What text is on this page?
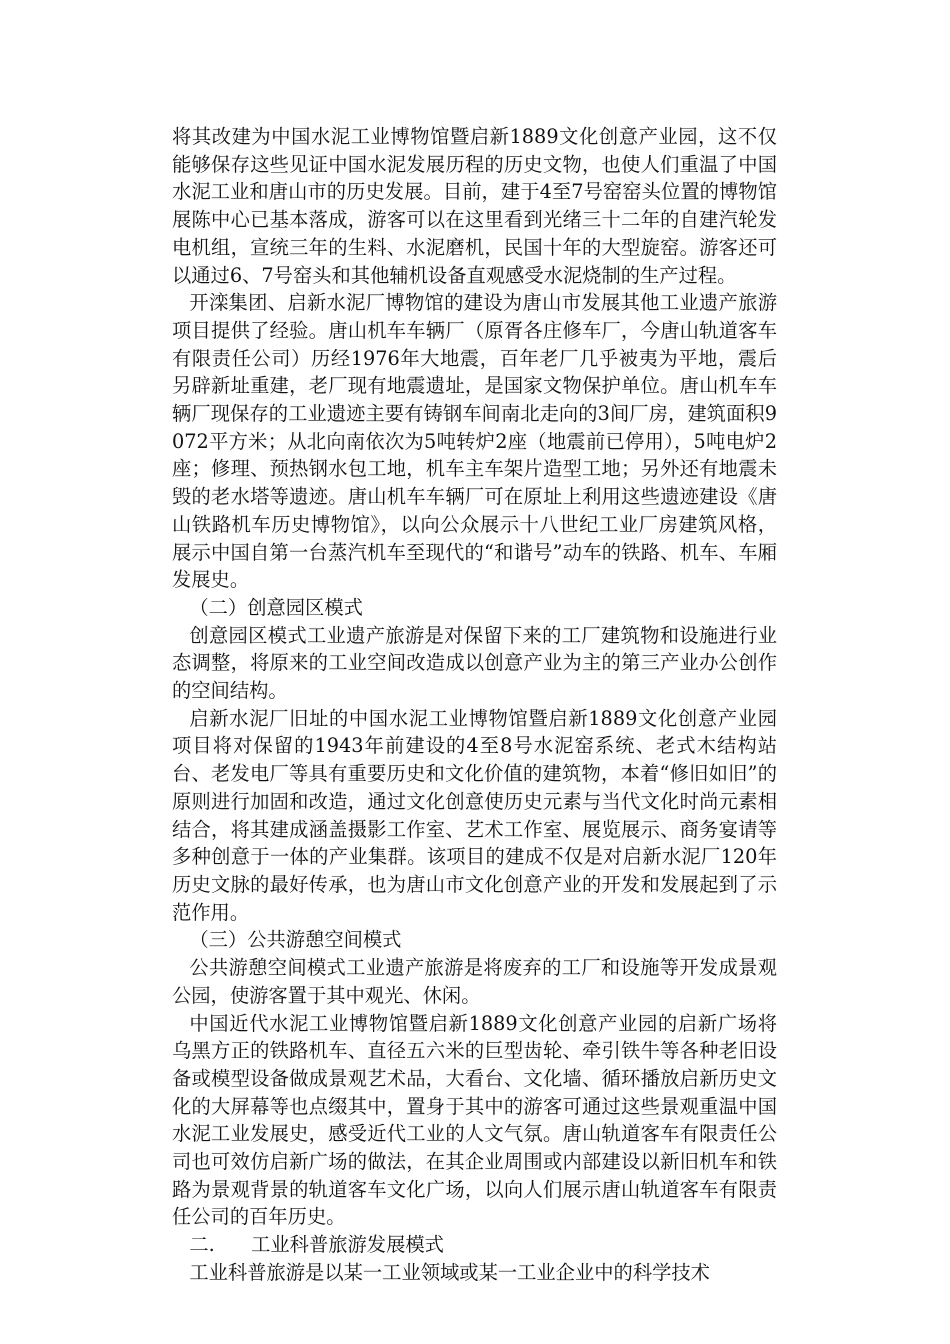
将其改建为中国水泥工业博物馆暨启新1889文化创意产业园，这不仅能够保存这些见证中国水泥发展历程的历史文物，也使人们重温了中国水泥工业和唐山市的历史发展。目前，建于4至7号窑窑头位置的博物馆展陈中心已基本落成，游客可以在这里看到光绪三十二年的自建汽轮发电机组，宣统三年的生料、水泥磨机，民国十年的大型旋窑。游客还可以通过6、7号窑头和其他辅机设备直观感受水泥烧制的生产过程。

开滦集团、启新水泥厂博物馆的建设为唐山市发展其他工业遗产旅游项目提供了经验。唐山机车车辆厂（原胥各庄修车厂，今唐山轨道客车有限责任公司）历经1976年大地震，百年老厂几乎被夷为平地，震后另辟新址重建，老厂现有地震遗址，是国家文物保护单位。唐山机车车辆厂现保存的工业遗迹主要有铸钢车间南北走向的3间厂房，建筑面积9072平方米；从北向南依次为5吨转炉2座（地震前已停用），5吨电炉2座；修理、预热钢水包工地，机车主车架片造型工地；另外还有地震未毁的老水塔等遗迹。唐山机车车辆厂可在原址上利用这些遗迹建设《唐山铁路机车历史博物馆》，以向公众展示十八世纪工业厂房建筑风格，展示中国自第一台蒸汽机车至现代的“和谐号”动车的铁路、机车、车厢发展史。

（二）创意园区模式

创意园区模式工业遗产旅游是对保留下来的工厂建筑物和设施进行业态调整，将原来的工业空间改造成以创意产业为主的第三产业办公创作的空间结构。

启新水泥厂旧址的中国水泥工业博物馆暨启新1889文化创意产业园项目将对保留的1943年前建设的4至8号水泥窑系统、老式木结构站台、老发电厂等具有重要历史和文化价值的建筑物，本着“修旧如旧”的原则进行加固和改造，通过文化创意使历史元素与当代文化时尚元素相结合，将其建成涵盖摄影工作室、艺术工作室、展览展示、商务宴请等多种创意于一体的产业集群。该项目的建成不仅是对启新水泥厂120年历史文脉的最好传承，也为唐山市文化创意产业的开发和发展起到了示范作用。

（三）公共游憩空间模式

公共游憩空间模式工业遗产旅游是将废弃的工厂和设施等开发成景观公园，使游客置于其中观光、休闲。

中国近代水泥工业博物馆暨启新1889文化创意产业园的启新广场将乌黑方正的铁路机车、直径五六米的巨型齿轮、牵引铁牛等各种老旧设备或模型设备做成景观艺术品，大看台、文化墙、循环播放启新历史文化的大屏幕等也点缀其中，置身于其中的游客可通过这些景观重温中国水泥工业发展史，感受近代工业的人文气氛。唐山轨道客车有限责任公司也可效仿启新广场的做法，在其企业周围或内部建设以新旧机车和铁路为景观背景的轨道客车文化广场，以向人们展示唐山轨道客车有限责任公司的百年历史。

二. 工业科普旅游发展模式

工业科普旅游是以某一工业领域或某一工业企业中的科学技术
